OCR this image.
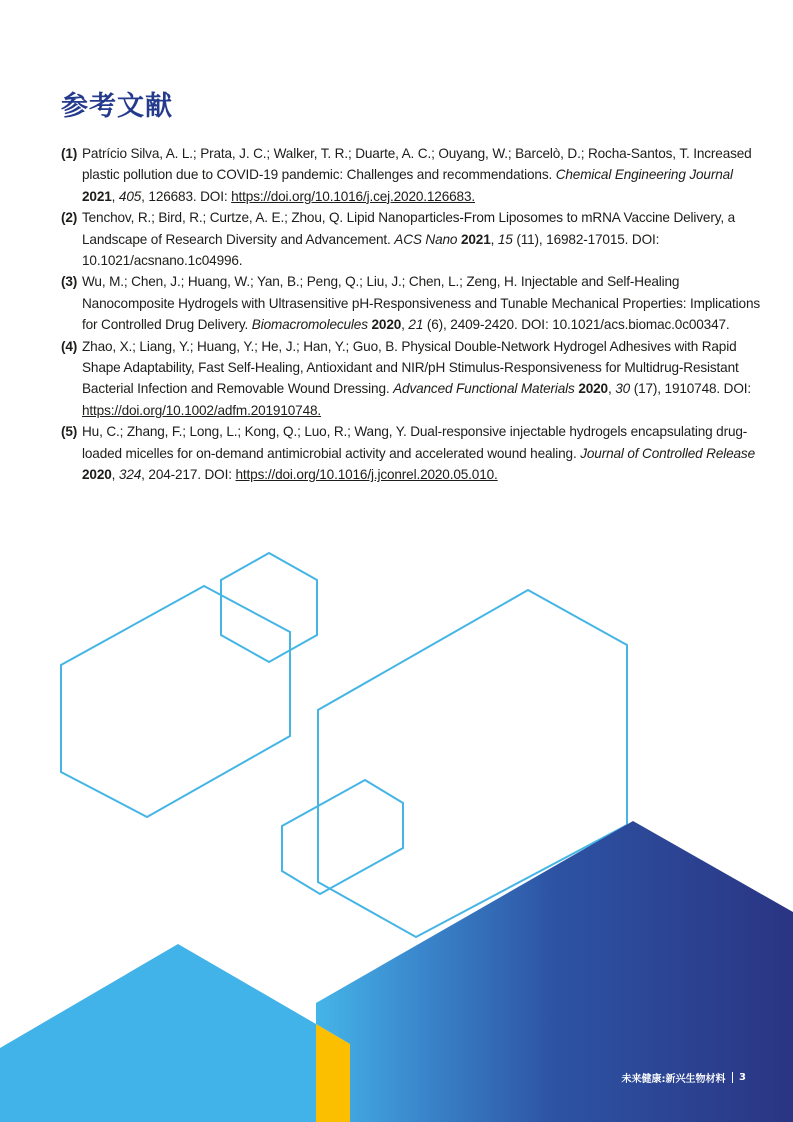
参考文献

(1) Patrício Silva, A. L.; Prata, J. C.; Walker, T. R.; Duarte, A. C.; Ouyang, W.; Barcelò, D.; Rocha-Santos, T. Increased plastic pollution due to COVID-19 pandemic: Challenges and recommendations. Chemical Engineering Journal 2021, 405, 126683. DOI: https://doi.org/10.1016/j.cej.2020.126683.

(2) Tenchov, R.; Bird, R.; Curtze, A. E.; Zhou, Q. Lipid Nanoparticles-From Liposomes to mRNA Vaccine Delivery, a Landscape of Research Diversity and Advancement. ACS Nano 2021, 15 (11), 16982-17015. DOI: 10.1021/acsnano.1c04996.

(3) Wu, M.; Chen, J.; Huang, W.; Yan, B.; Peng, Q.; Liu, J.; Chen, L.; Zeng, H. Injectable and Self-Healing Nanocomposite Hydrogels with Ultrasensitive pH-Responsiveness and Tunable Mechanical Properties: Implications for Controlled Drug Delivery. Biomacromolecules 2020, 21 (6), 2409-2420. DOI: 10.1021/acs.biomac.0c00347.

(4) Zhao, X.; Liang, Y.; Huang, Y.; He, J.; Han, Y.; Guo, B. Physical Double-Network Hydrogel Adhesives with Rapid Shape Adaptability, Fast Self-Healing, Antioxidant and NIR/pH Stimulus-Responsiveness for Multidrug-Resistant Bacterial Infection and Removable Wound Dressing. Advanced Functional Materials 2020, 30 (17), 1910748. DOI: https://doi.org/10.1002/adfm.201910748.

(5) Hu, C.; Zhang, F.; Long, L.; Kong, Q.; Luo, R.; Wang, Y. Dual-responsive injectable hydrogels encapsulating drug-loaded micelles for on-demand antimicrobial activity and accelerated wound healing. Journal of Controlled Release 2020, 324, 204-217. DOI: https://doi.org/10.1016/j.jconrel.2020.05.010.

未来健康:新兴生物材料 3
